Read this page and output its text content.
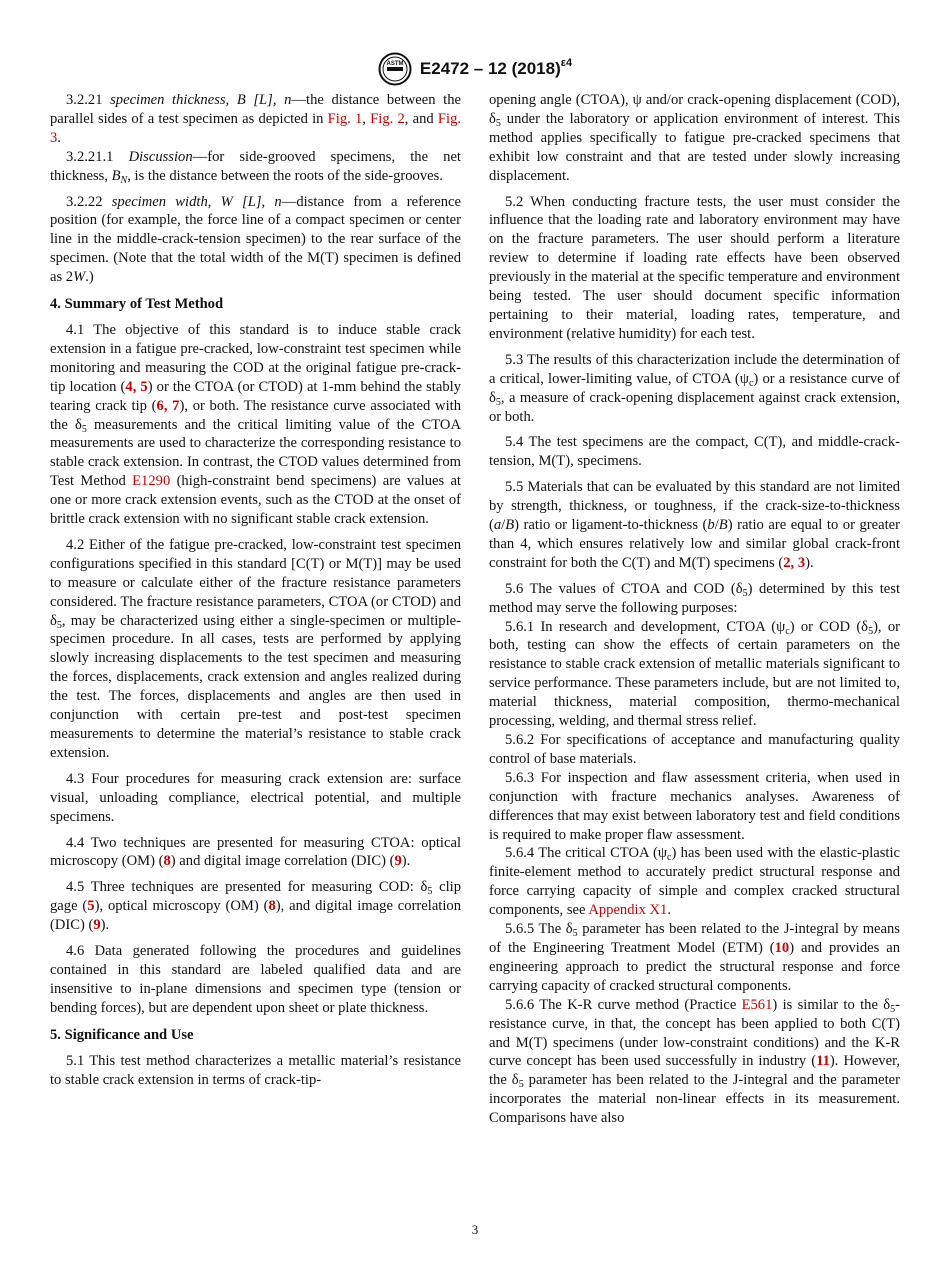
ASTM E2472 – 12 $(2018)^{\varepsilon 4}$

3.2.21 specimen thickness, B [L], n—the distance between the parallel sides of a test specimen as depicted in Fig. 1, Fig. 2, and Fig. 3.

3.2.21.1 Discussion—for side-grooved specimens, the net thickness, $B_N$, is the distance between the roots of the side-grooves.

3.2.22 specimen width, W [L], n—distance from a reference position (for example, the force line of a compact specimen or center line in the middle-crack-tension specimen) to the rear surface of the specimen. (Note that the total width of the M(T) specimen is defined as 2W.)

4. Summary of Test Method

4.1 The objective of this standard is to induce stable crack extension in a fatigue pre-cracked, low-constraint test specimen while monitoring and measuring the COD at the original fatigue pre-crack-tip location (4, 5) or the CTOA (or CTOD) at 1-mm behind the stably tearing crack tip (6, 7), or both. The resistance curve associated with the $\delta_5$ measurements and the critical limiting value of the CTOA measurements are used to characterize the corresponding resistance to stable crack extension. In contrast, the CTOD values determined from Test Method E1290 (high-constraint bend specimens) are values at one or more crack extension events, such as the CTOD at the onset of brittle crack extension with no significant stable crack extension.

4.2 Either of the fatigue pre-cracked, low-constraint test specimen configurations specified in this standard [C(T) or M(T)] may be used to measure or calculate either of the fracture resistance parameters considered. The fracture resistance parameters, CTOA (or CTOD) and $\delta_5$, may be characterized using either a single-specimen or multiple-specimen procedure. In all cases, tests are performed by applying slowly increasing displacements to the test specimen and measuring the forces, displacements, crack extension and angles realized during the test. The forces, displacements and angles are then used in conjunction with certain pre-test and post-test specimen measurements to determine the material’s resistance to stable crack extension.

4.3 Four procedures for measuring crack extension are: surface visual, unloading compliance, electrical potential, and multiple specimens.

4.4 Two techniques are presented for measuring CTOA: optical microscopy (OM) (8) and digital image correlation (DIC) (9).

4.5 Three techniques are presented for measuring COD: $\delta_5$ clip gage (5), optical microscopy (OM) (8), and digital image correlation (DIC) (9).

4.6 Data generated following the procedures and guidelines contained in this standard are labeled qualified data and are insensitive to in-plane dimensions and specimen type (tension or bending forces), but are dependent upon sheet or plate thickness.

5. Significance and Use

5.1 This test method characterizes a metallic material’s resistance to stable crack extension in terms of crack-tip-

opening angle (CTOA), ψ and/or crack-opening displacement (COD), $\delta_5$ under the laboratory or application environment of interest. This method applies specifically to fatigue pre-cracked specimens that exhibit low constraint and that are tested under slowly increasing displacement.

5.2 When conducting fracture tests, the user must consider the influence that the loading rate and laboratory environment may have on the fracture parameters. The user should perform a literature review to determine if loading rate effects have been observed previously in the material at the specific temperature and environment being tested. The user should document specific information pertaining to their material, loading rates, temperature, and environment (relative humidity) for each test.

5.3 The results of this characterization include the determination of a critical, lower-limiting value, of CTOA $(\psi_c)$ or a resistance curve of $\delta_5$, a measure of crack-opening displacement against crack extension, or both.

5.4 The test specimens are the compact, C(T), and middle-crack-tension, M(T), specimens.

5.5 Materials that can be evaluated by this standard are not limited by strength, thickness, or toughness, if the crack-size-to-thickness (a/B) ratio or ligament-to-thickness (b/B) ratio are equal to or greater than 4, which ensures relatively low and similar global crack-front constraint for both the C(T) and M(T) specimens (2, 3).

5.6 The values of CTOA and COD $(\delta_5)$ determined by this test method may serve the following purposes:

5.6.1 In research and development, CTOA $(\psi_c)$ or COD $(\delta_5)$, or both, testing can show the effects of certain parameters on the resistance to stable crack extension of metallic materials significant to service performance. These parameters include, but are not limited to, material thickness, material composition, thermo-mechanical processing, welding, and thermal stress relief.

5.6.2 For specifications of acceptance and manufacturing quality control of base materials.

5.6.3 For inspection and flaw assessment criteria, when used in conjunction with fracture mechanics analyses. Awareness of differences that may exist between laboratory test and field conditions is required to make proper flaw assessment.

5.6.4 The critical CTOA $(\psi_c)$ has been used with the elastic-plastic finite-element method to accurately predict structural response and force carrying capacity of simple and complex cracked structural components, see Appendix X1.

5.6.5 The $\delta_5$ parameter has been related to the J-integral by means of the Engineering Treatment Model (ETM) (10) and provides an engineering approach to predict the structural response and force carrying capacity of cracked structural components.

5.6.6 The K-R curve method (Practice E561) is similar to the $\delta_5$-resistance curve, in that, the concept has been applied to both C(T) and M(T) specimens (under low-constraint conditions) and the K-R curve concept has been used successfully in industry (11). However, the $\delta_5$ parameter has been related to the J-integral and the parameter incorporates the material non-linear effects in its measurement. Comparisons have also

3
